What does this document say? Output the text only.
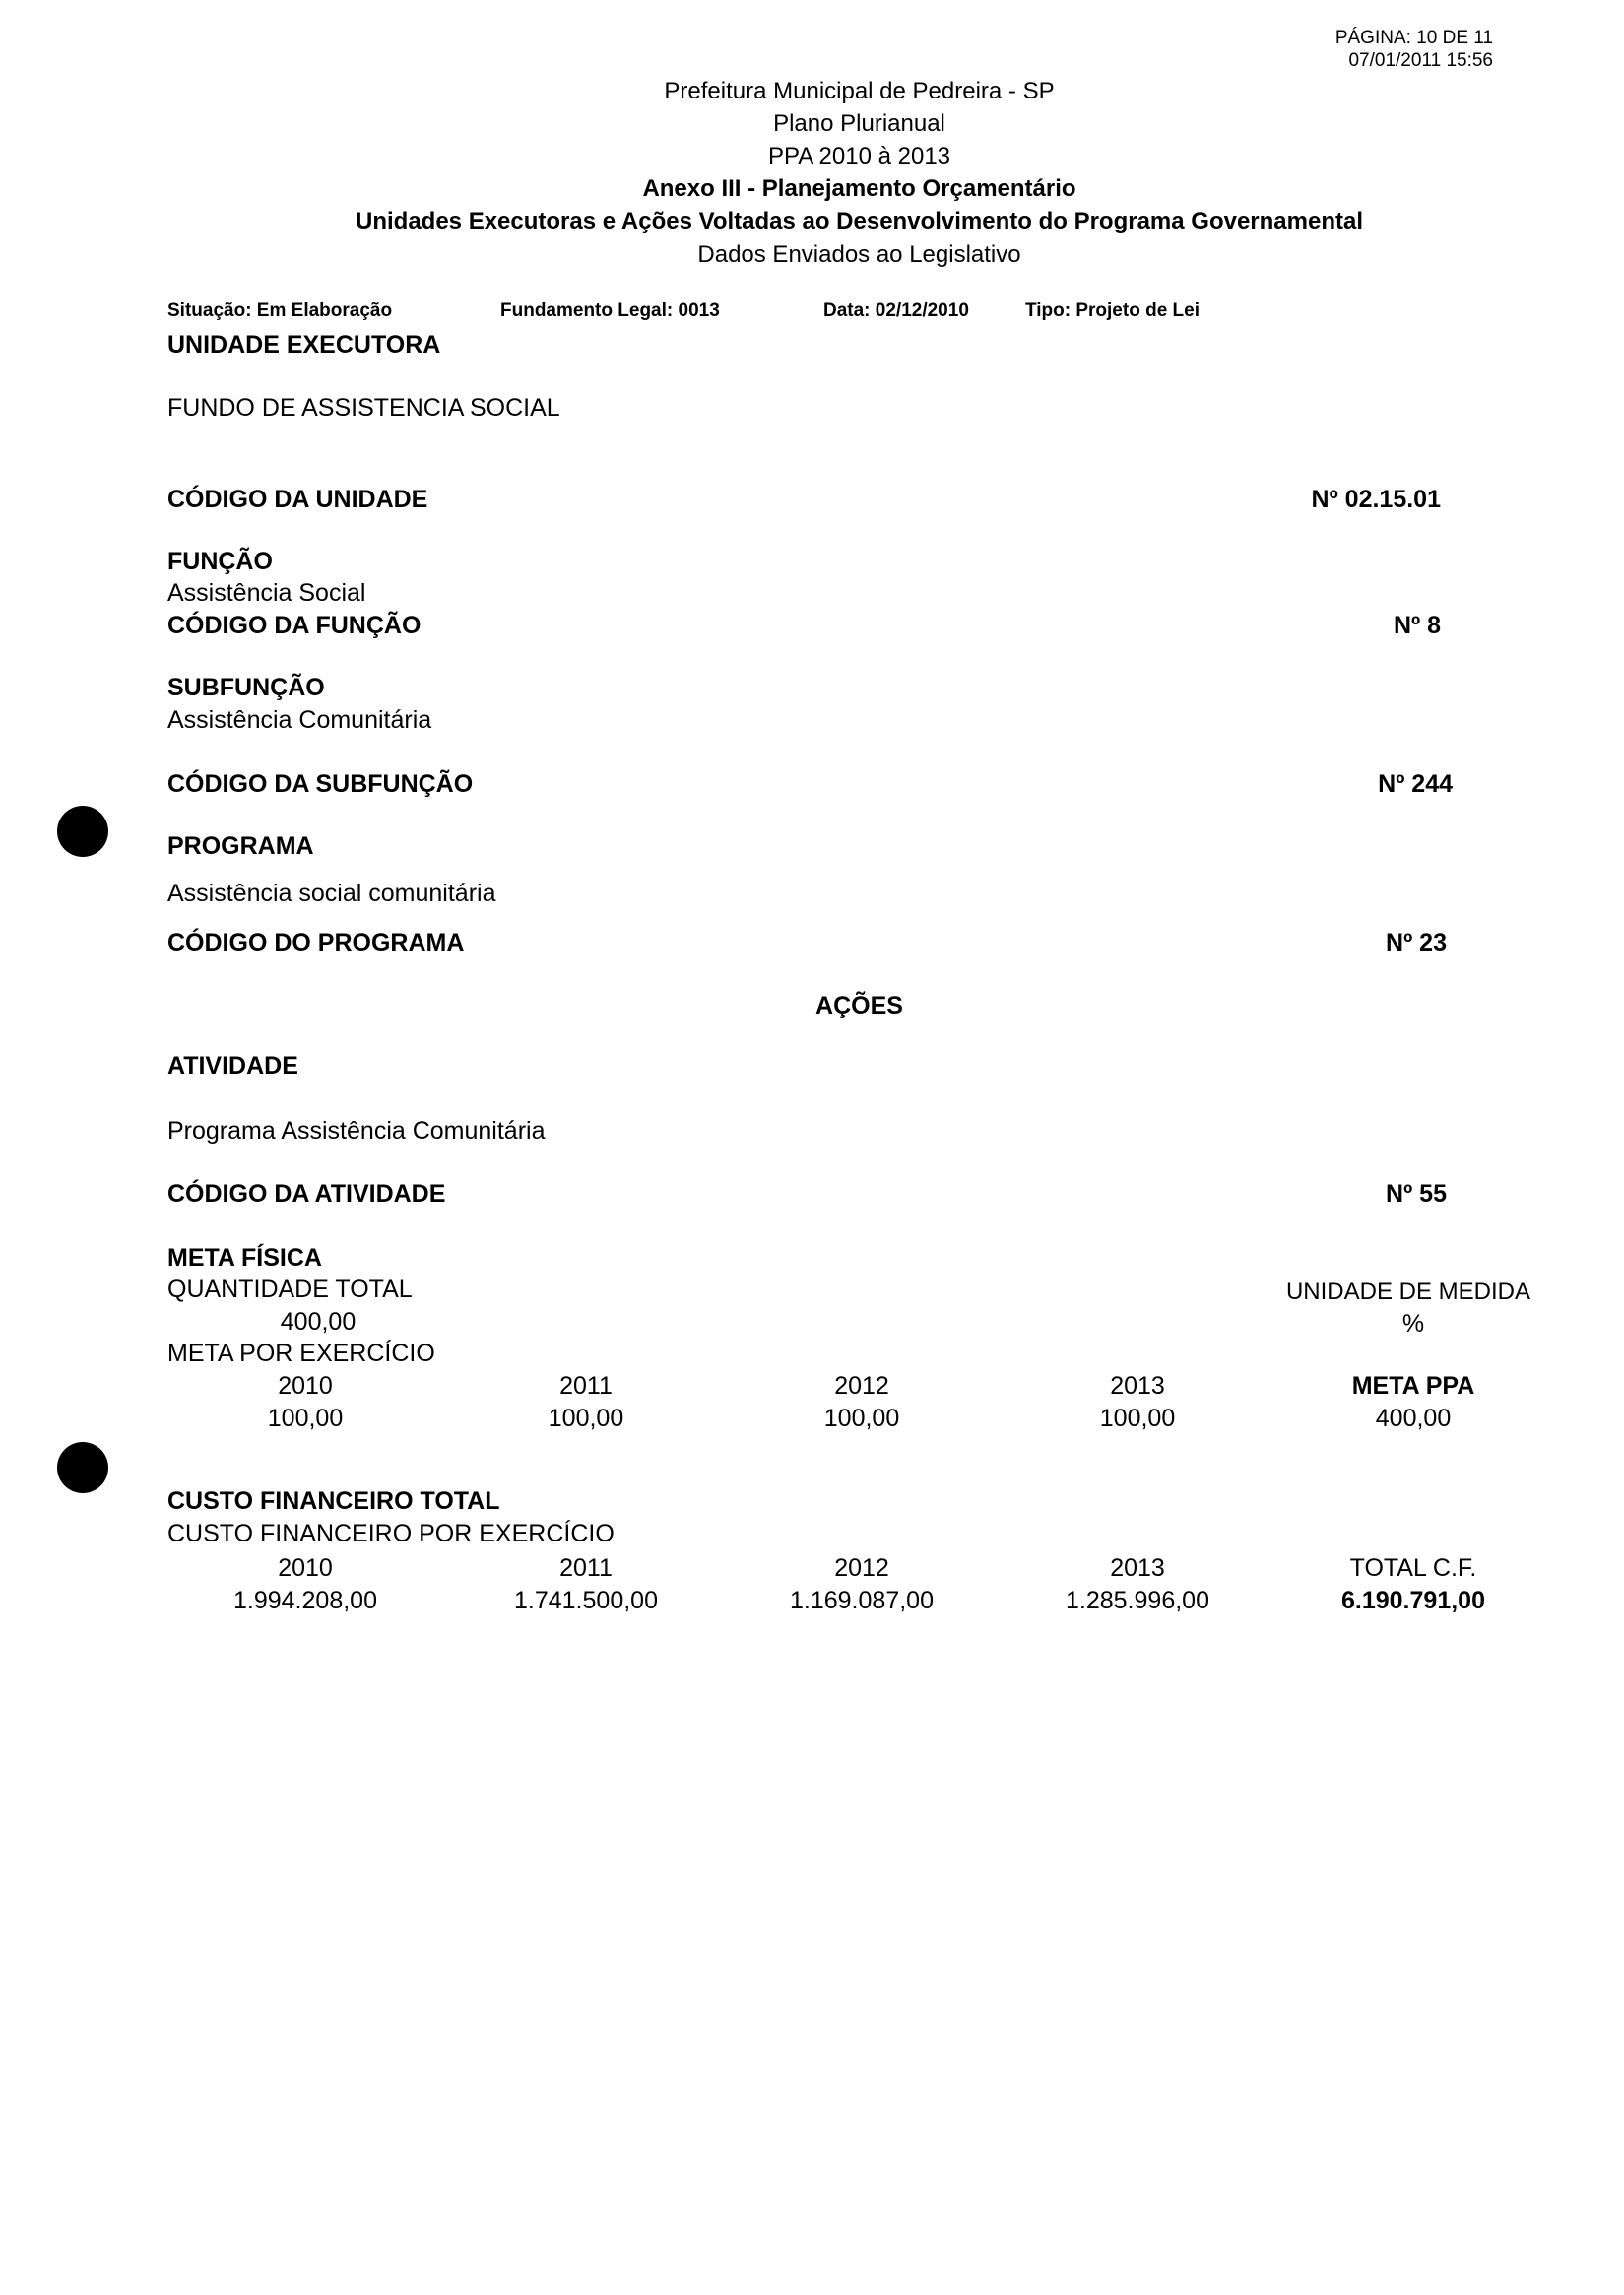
PÁGINA: 10 DE 11
07/01/2011 15:56
Prefeitura Municipal de Pedreira - SP
Plano Plurianual
PPA 2010 à 2013
Anexo III - Planejamento Orçamentário
Unidades Executoras e Ações Voltadas ao Desenvolvimento do Programa Governamental
Dados Enviados ao Legislativo
Situação: Em Elaboração	Fundamento Legal: 0013	Data: 02/12/2010	Tipo: Projeto de Lei
UNIDADE EXECUTORA
FUNDO DE ASSISTENCIA SOCIAL
CÓDIGO DA UNIDADE	Nº 02.15.01
FUNÇÃO
Assistência Social
CÓDIGO DA FUNÇÃO	Nº 8
SUBFUNÇÃO
Assistência Comunitária
CÓDIGO DA SUBFUNÇÃO	Nº 244
PROGRAMA
Assistência social comunitária
CÓDIGO DO PROGRAMA	Nº 23
AÇÕES
ATIVIDADE
Programa Assistência Comunitária
CÓDIGO DA ATIVIDADE	Nº 55
META FÍSICA
QUANTIDADE TOTAL
400,00
UNIDADE DE MEDIDA
%
META POR EXERCÍCIO
2010	2011	2012	2013	META PPA
100,00	100,00	100,00	100,00	400,00
CUSTO FINANCEIRO TOTAL
CUSTO FINANCEIRO POR EXERCÍCIO
2010	2011	2012	2013	TOTAL C.F.
1.994.208,00	1.741.500,00	1.169.087,00	1.285.996,00	6.190.791,00
